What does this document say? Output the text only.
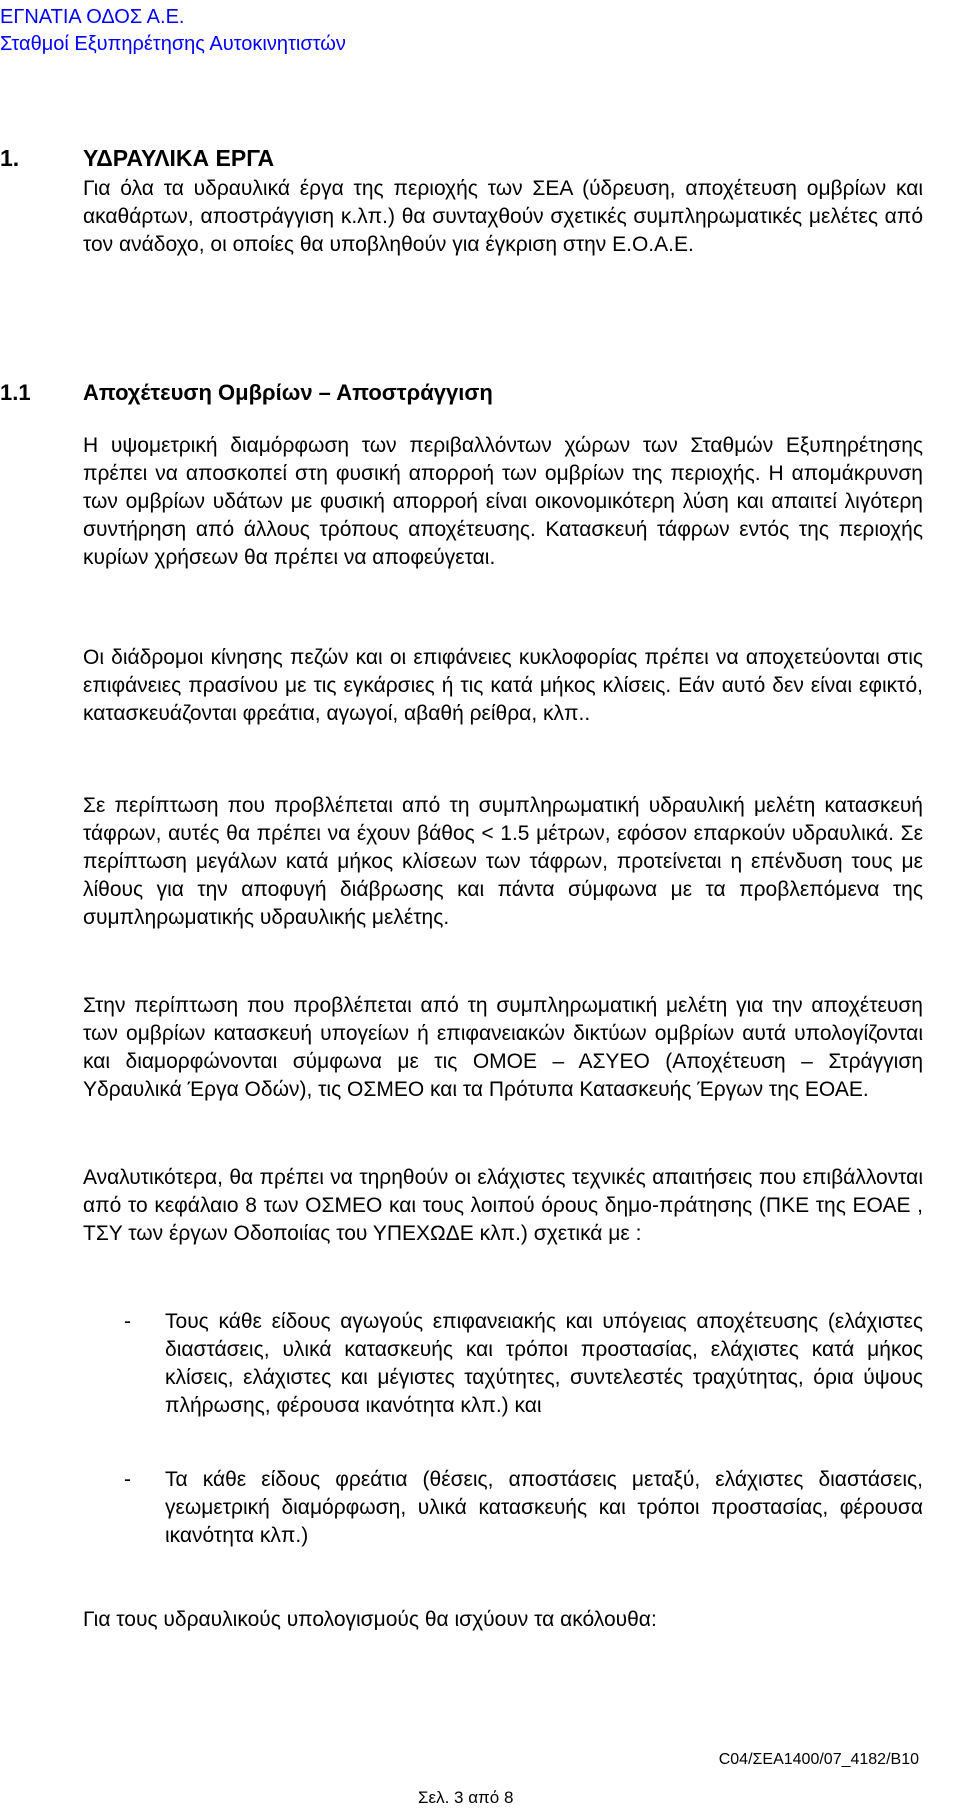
ΕΓΝΑΤΙΑ ΟΔΟΣ Α.Ε.
Σταθμοί Εξυπηρέτησης Αυτοκινητιστών
1.	ΥΔΡΑΥΛΙΚΑ ΕΡΓΑ

Για όλα τα υδραυλικά έργα της περιοχής των ΣΕΑ (ύδρευση, αποχέτευση ομβρίων και ακαθάρτων, αποστράγγιση κ.λπ.) θα συνταχθούν σχετικές συμπληρωματικές μελέτες από τον ανάδοχο, οι οποίες θα υποβληθούν για έγκριση στην Ε.Ο.Α.Ε.

1.1 Αποχέτευση Ομβρίων – Αποστράγγιση

Η υψομετρική διαμόρφωση των περιβαλλόντων χώρων των Σταθμών Εξυπηρέτησης πρέπει να αποσκοπεί στη φυσική απορροή των ομβρίων της περιοχής. Η απομάκρυνση των ομβρίων υδάτων με φυσική απορροή είναι οικονομικότερη λύση και απαιτεί λιγότερη συντήρηση από άλλους τρόπους αποχέτευσης. Κατασκευή τάφρων εντός της περιοχής κυρίων χρήσεων θα πρέπει να αποφεύγεται.

Οι διάδρομοι κίνησης πεζών και οι επιφάνειες κυκλοφορίας πρέπει να αποχετεύονται στις επιφάνειες πρασίνου με τις εγκάρσιες ή τις κατά μήκος κλίσεις. Εάν αυτό δεν είναι εφικτό, κατασκευάζονται φρεάτια, αγωγοί, αβαθή ρείθρα, κλπ..

Σε περίπτωση που προβλέπεται από τη συμπληρωματική υδραυλική μελέτη κατασκευή τάφρων, αυτές θα πρέπει να έχουν βάθος < 1.5 μέτρων, εφόσον επαρκούν υδραυλικά. Σε περίπτωση μεγάλων κατά μήκος κλίσεων των τάφρων, προτείνεται η επένδυση τους με λίθους για την αποφυγή διάβρωσης και πάντα σύμφωνα με τα προβλεπόμενα της συμπληρωματικής υδραυλικής μελέτης.

Στην περίπτωση που προβλέπεται από τη συμπληρωματική μελέτη για την αποχέτευση των ομβρίων κατασκευή υπογείων ή επιφανειακών δικτύων ομβρίων αυτά υπολογίζονται και διαμορφώνονται σύμφωνα με τις ΟΜΟΕ – ΑΣΥΕΟ (Αποχέτευση – Στράγγιση Υδραυλικά Έργα Οδών), τις ΟΣΜΕΟ και τα Πρότυπα Κατασκευής Έργων της ΕΟΑΕ.

Αναλυτικότερα, θα πρέπει να τηρηθούν οι ελάχιστες τεχνικές απαιτήσεις που επιβάλλονται από το κεφάλαιο 8 των ΟΣΜΕΟ και τους λοιπού όρους δημο-πράτησης (ΠΚΕ της ΕΟΑΕ , ΤΣΥ των έργων Οδοποιίας του ΥΠΕΧΩΔΕ κλπ.) σχετικά με :

- Τους κάθε είδους αγωγούς επιφανειακής και υπόγειας αποχέτευσης (ελάχιστες διαστάσεις, υλικά κατασκευής και τρόποι προστασίας, ελάχιστες κατά μήκος κλίσεις, ελάχιστες και μέγιστες ταχύτητες, συντελεστές τραχύτητας, όρια ύψους πλήρωσης, φέρουσα ικανότητα κλπ.) και

- Τα κάθε είδους φρεάτια (θέσεις, αποστάσεις μεταξύ, ελάχιστες διαστάσεις, γεωμετρική διαμόρφωση, υλικά κατασκευής και τρόποι προστασίας, φέρουσα ικανότητα κλπ.)

Για τους υδραυλικούς υπολογισμούς θα ισχύουν τα ακόλουθα:

C04/ΣΕΑ1400/07_4182/Β10
Σελ. 3 από 8
